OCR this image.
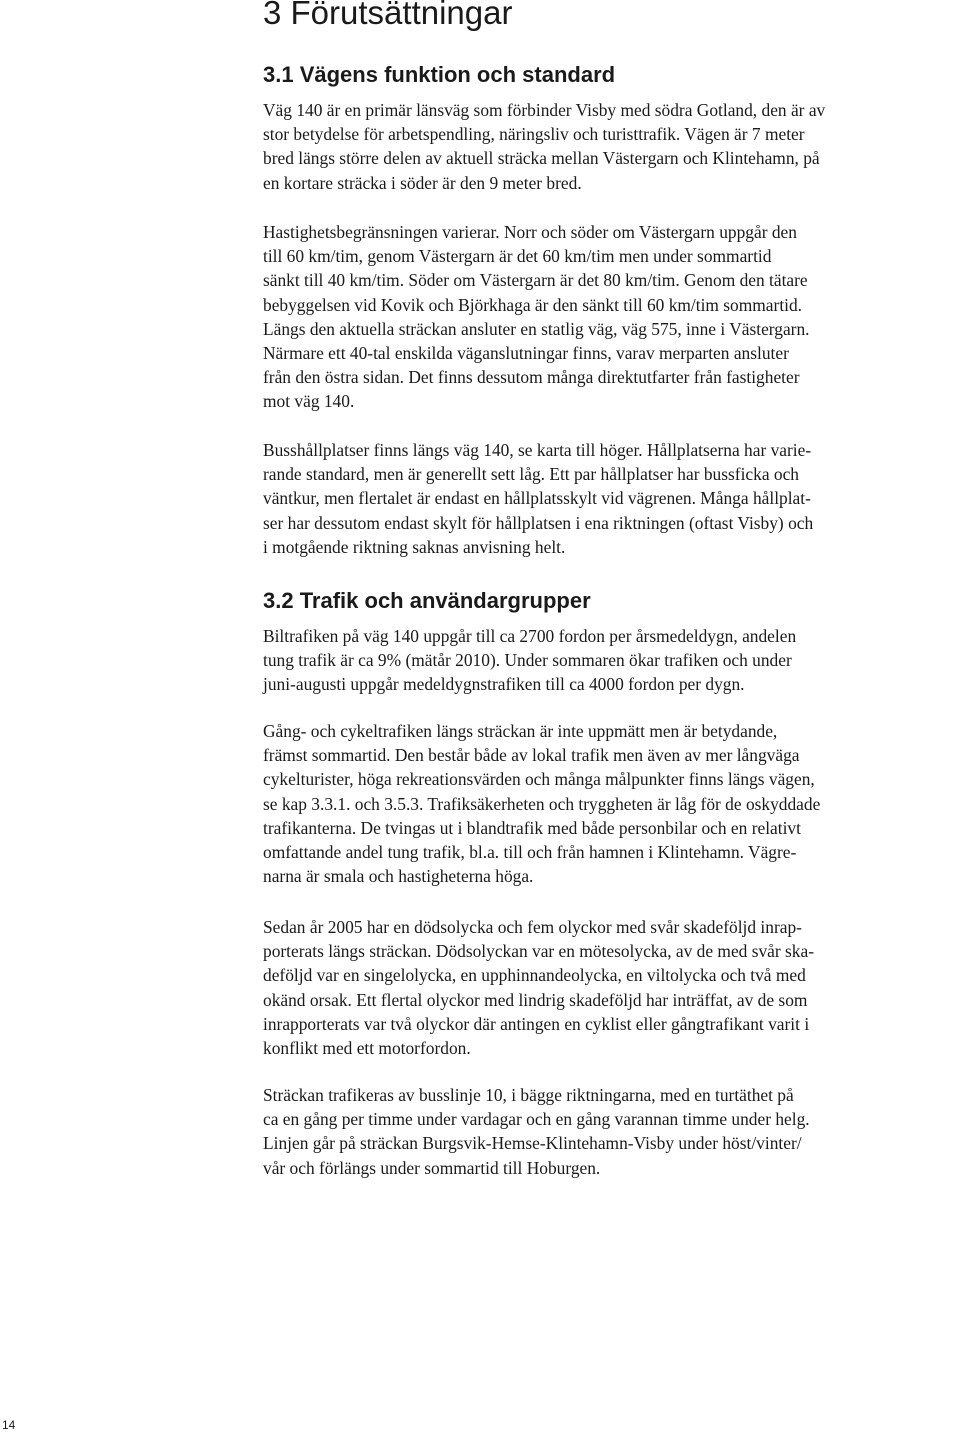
3 Förutsättningar
3.1 Vägens funktion och standard
Väg 140 är en primär länsväg som förbinder Visby med södra Gotland, den är av
stor betydelse för arbetspendling, näringsliv och turisttrafik. Vägen är 7 meter
bred längs större delen av aktuell sträcka mellan Västergarn och Klintehamn, på
en kortare sträcka i söder är den 9 meter bred.
Hastighetsbegränsningen varierar. Norr och söder om Västergarn uppgår den
till 60 km/tim, genom Västergarn är det 60 km/tim men under sommartid
sänkt till 40 km/tim. Söder om Västergarn är det 80 km/tim. Genom den tätare
bebyggelsen vid Kovik och Björkhaga är den sänkt till 60 km/tim sommartid.
Längs den aktuella sträckan ansluter en statlig väg, väg 575, inne i Västergarn.
Närmare ett 40-tal enskilda väganslutningar finns, varav merparten ansluter
från den östra sidan. Det finns dessutom många direktutfarter från fastigheter
mot väg 140.
Busshållplatser finns längs väg 140, se karta till höger. Hållplatserna har varie-
rande standard, men är generellt sett låg. Ett par hållplatser har bussficka och
väntkur, men flertalet är endast en hållplatsskylt vid vägrenen. Många hållplat-
ser har dessutom endast skylt för hållplatsen i ena riktningen (oftast Visby) och
i motgående riktning saknas anvisning helt.
3.2 Trafik och användargrupper
Biltrafiken på väg 140 uppgår till ca 2700 fordon per årsmedeldygn, andelen
tung trafik är ca 9% (mätår 2010). Under sommaren ökar trafiken och under
juni-augusti uppgår medeldygnstrafiken till ca 4000 fordon per dygn.
Gång- och cykeltrafiken längs sträckan är inte uppmätt men är betydande,
främst sommartid. Den består både av lokal trafik men även av mer långväga
cykelturister, höga rekreationsvärden och många målpunkter finns längs vägen,
se kap 3.3.1. och 3.5.3. Trafiksäkerheten och tryggheten är låg för de oskyddade
trafikanterna. De tvingas ut i blandtrafik med både personbilar och en relativt
omfattande andel tung trafik, bl.a. till och från hamnen i Klintehamn. Vägre-
narna är smala och hastigheterna höga.
Sedan år 2005 har en dödsolycka och fem olyckor med svår skadeföljd inrap-
porterats längs sträckan. Dödsolyckan var en mötesolycka, av de med svår ska-
deföljd var en singelolycka, en upphinnandeolycka, en viltolycka och två med
okänd orsak. Ett flertal olyckor med lindrig skadeföljd har inträffat, av de som
inrapporterats var två olyckor där antingen en cyklist eller gångtrafikant varit i
konflikt med ett motorfordon.
Sträckan trafikeras av busslinje 10, i bägge riktningarna, med en turtäthet på
ca en gång per timme under vardagar och en gång varannan timme under helg.
Linjen går på sträckan Burgsvik-Hemse-Klintehamn-Visby under höst/vinter/
vår och förlängs under sommartid till Hoburgen.
14
